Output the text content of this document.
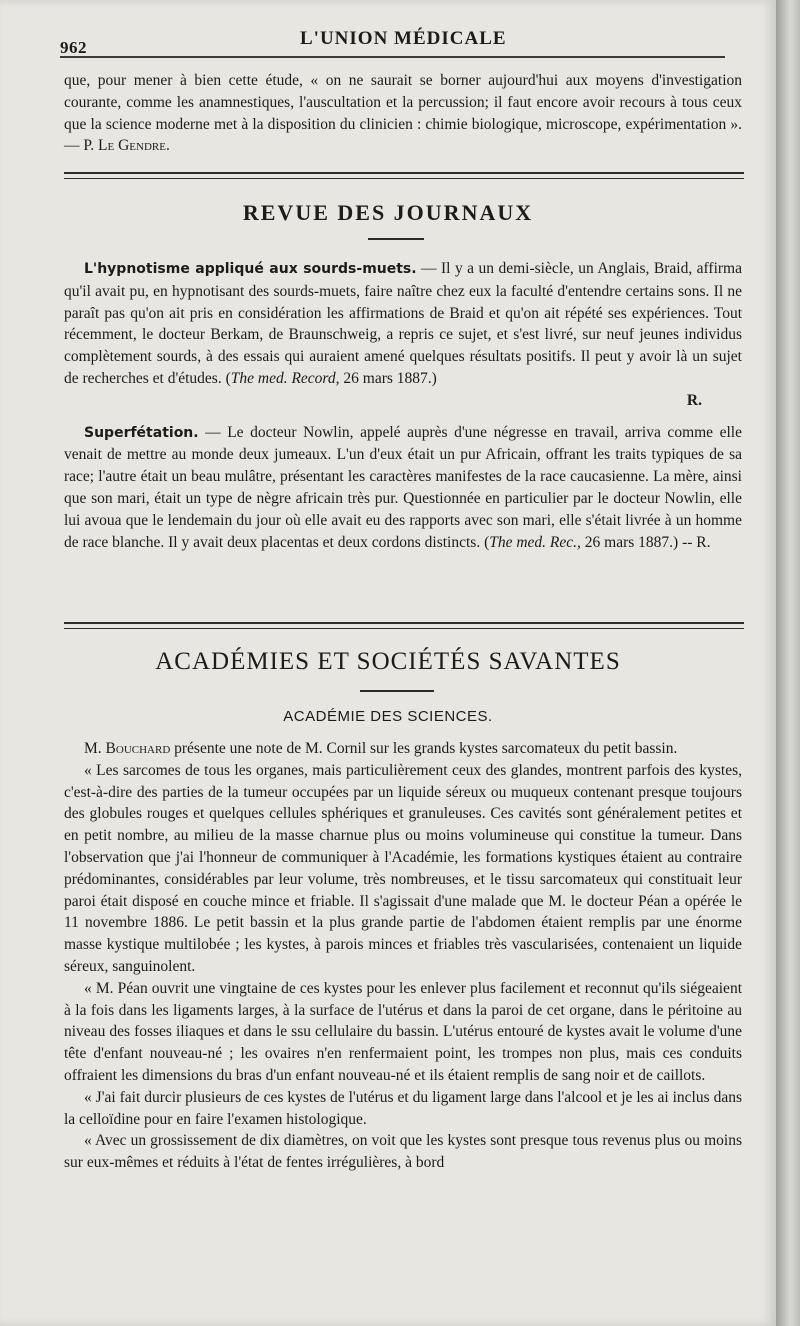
962	L'UNION MÉDICALE

que, pour mener à bien cette étude, « on ne saurait se borner aujourd'hui aux moyens d'investigation courante, comme les anamnestiques, l'auscultation et la percussion; il faut encore avoir recours à tous ceux que la science moderne met à la disposition du clinicien : chimie biologique, microscope, expérimentation ». — P. Le Gendre.

REVUE DES JOURNAUX

L'hypnotisme appliqué aux sourds-muets. — Il y a un demi-siècle, un Anglais, Braid, affirma qu'il avait pu, en hypnotisant des sourds-muets, faire naître chez eux la faculté d'entendre certains sons. Il ne paraît pas qu'on ait pris en considération les affirmations de Braid et qu'on ait répété ses expériences. Tout récemment, le docteur Berkam, de Braunschweig, a repris ce sujet, et s'est livré, sur neuf jeunes individus complètement sourds, à des essais qui auraient amené quelques résultats positifs. Il peut y avoir là un sujet de recherches et d'études. (The med. Record, 26 mars 1887.)

R.

Superfétation. — Le docteur Nowlin, appelé auprès d'une négresse en travail, arriva comme elle venait de mettre au monde deux jumeaux. L'un d'eux était un pur Africain, offrant les traits typiques de sa race; l'autre était un beau mulâtre, présentant les caractères manifestes de la race caucasienne. La mère, ainsi que son mari, était un type de nègre africain très pur. Questionnée en particulier par le docteur Nowlin, elle lui avoua que le lendemain du jour où elle avait eu des rapports avec son mari, elle s'était livrée à un homme de race blanche. Il y avait deux placentas et deux cordons distincts. (The med. Rec., 26 mars 1887.) -- R.

ACADÉMIES ET SOCIÉTÉS SAVANTES
ACADÉMIE DES SCIENCES.

M. Bouchard présente une note de M. Cornil sur les grands kystes sarcomateux du petit bassin.

« Les sarcomes de tous les organes, mais particulièrement ceux des glandes, montrent parfois des kystes, c'est-à-dire des parties de la tumeur occupées par un liquide séreux ou muqueux contenant presque toujours des globules rouges et quelques cellules sphériques et granuleuses. Ces cavités sont généralement petites et en petit nombre, au milieu de la masse charnue plus ou moins volumineuse qui constitue la tumeur. Dans l'observation que j'ai l'honneur de communiquer à l'Académie, les formations kystiques étaient au contraire prédominantes, considérables par leur volume, très nombreuses, et le tissu sarcomateux qui constituait leur paroi était disposé en couche mince et friable. Il s'agissait d'une malade que M. le docteur Péan a opérée le 11 novembre 1886. Le petit bassin et la plus grande partie de l'abdomen étaient remplis par une énorme masse kystique multilobée ; les kystes, à parois minces et friables très vascularisées, contenaient un liquide séreux, sanguinolent.

« M. Péan ouvrit une vingtaine de ces kystes pour les enlever plus facilement et reconnut qu'ils siégeaient à la fois dans les ligaments larges, à la surface de l'utérus et dans la paroi de cet organe, dans le péritoine au niveau des fosses iliaques et dans le ssu cellulaire du bassin. L'utérus entouré de kystes avait le volume d'une tête d'enfant nouveau-né ; les ovaires n'en renfermaient point, les trompes non plus, mais ces conduits offraient les dimensions du bras d'un enfant nouveau-né et ils étaient remplis de sang noir et de caillots.

« J'ai fait durcir plusieurs de ces kystes de l'utérus et du ligament large dans l'alcool et je les ai inclus dans la celloïdine pour en faire l'examen histologique.

« Avec un grossissement de dix diamètres, on voit que les kystes sont presque tous revenus plus ou moins sur eux-mêmes et réduits à l'état de fentes irrégulières, à bord
